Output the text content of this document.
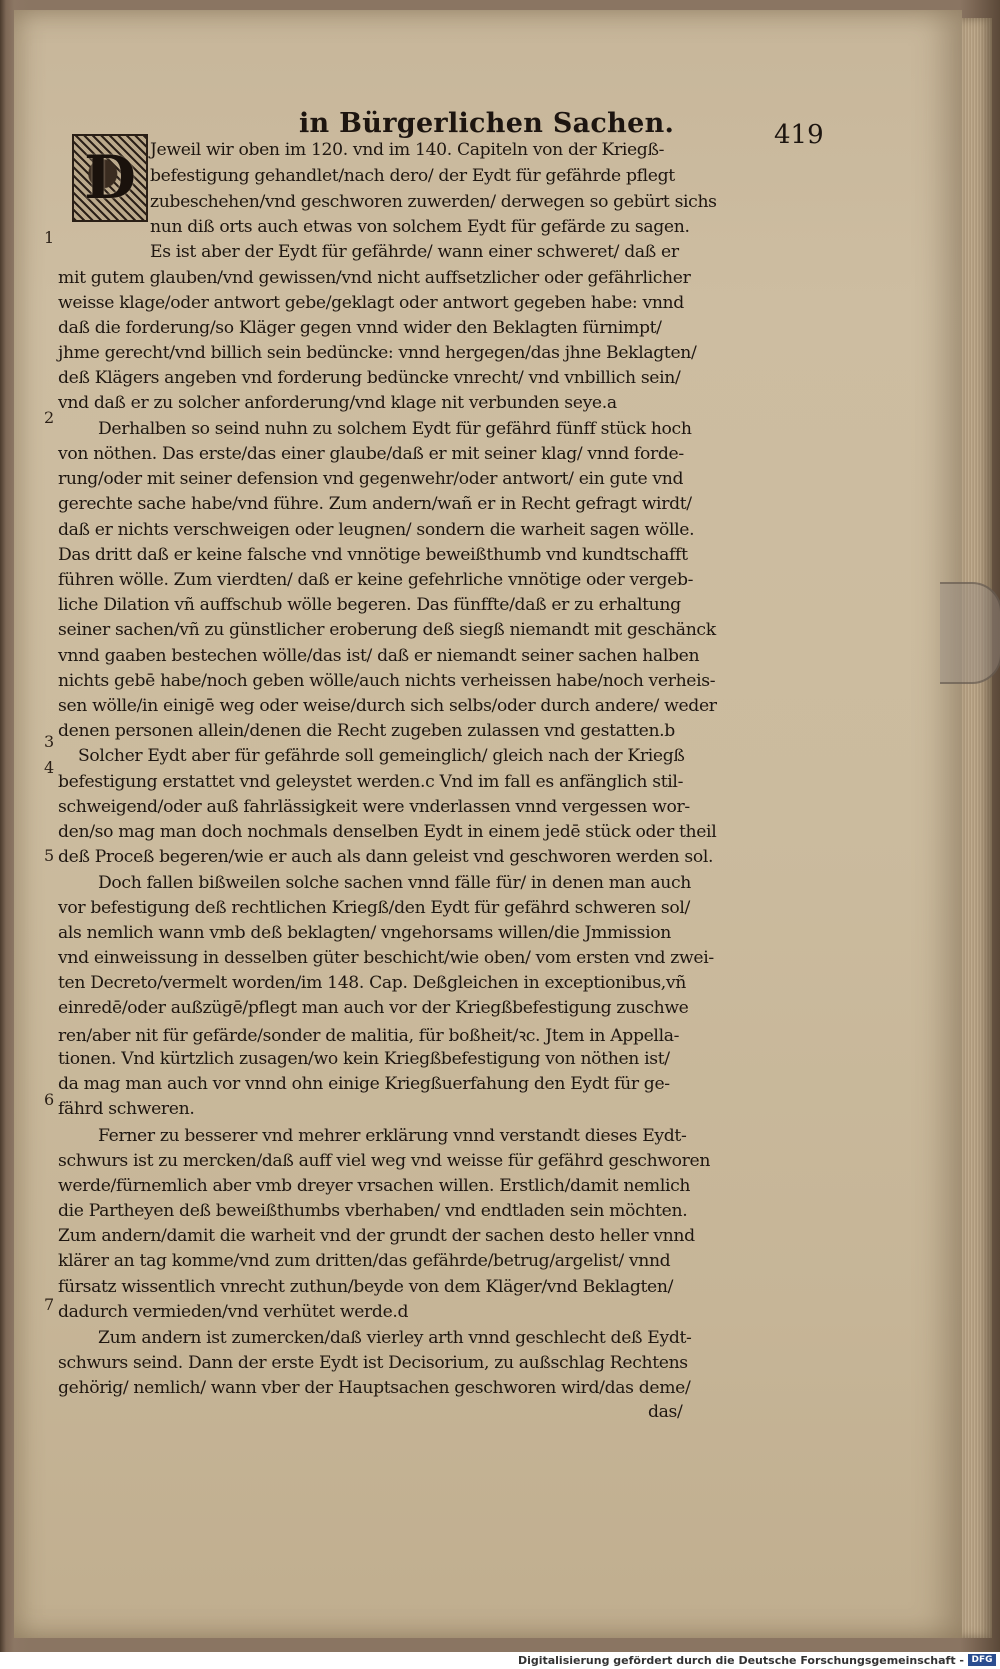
in Bürgerlichen Sachen.	419
D
1
2
3
4
5
6
7
Jeweil wir oben im 120. vnd im 140. Capiteln von der Kriegß‑
befestigung gehandlet/nach dero/ der Eydt für gefährde pflegt
zubeschehen/vnd geschworen zuwerden/ derwegen so gebürt sichs
nun diß orts auch etwas von solchem Eydt für gefärde zu sagen.
Es ist aber der Eydt für gefährde/ wann einer schweret/ daß er
mit gutem glauben/vnd gewissen/vnd nicht auffsetzlicher oder gefährlicher
weisse klage/oder antwort gebe/geklagt oder antwort gegeben habe: vnnd
daß die forderung/so Kläger gegen vnnd wider den Beklagten fürnimpt/
jhme gerecht/vnd billich sein bedüncke: vnnd hergegen/das jhne Beklagten/
deß Klägers angeben vnd forderung bedüncke vnrecht/ vnd vnbillich sein/
vnd daß er zu solcher anforderung/vnd klage nit verbunden seye.a
Derhalben so seind nuhn zu solchem Eydt für gefährd fünff stück hoch
von nöthen. Das erste/das einer glaube/daß er mit seiner klag/ vnnd forde‑
rung/oder mit seiner defension vnd gegenwehr/oder antwort/ ein gute vnd
gerechte sache habe/vnd führe. Zum andern/wañ er in Recht gefragt wirdt/
daß er nichts verschweigen oder leugnen/ sondern die warheit sagen wölle.
Das dritt daß er keine falsche vnd vnnötige beweißthumb vnd kundtschafft
führen wölle. Zum vierdten/ daß er keine gefehrliche vnnötige oder vergeb‑
liche Dilation vñ auffschub wölle begeren. Das fünffte/daß er zu erhaltung
seiner sachen/vñ zu günstlicher eroberung deß siegß niemandt mit geschänck
vnnd gaaben bestechen wölle/das ist/ daß er niemandt seiner sachen halben
nichts gebē habe/noch geben wölle/auch nichts verheissen habe/noch verheis‑
sen wölle/in einigē weg oder weise/durch sich selbs/oder durch andere/ weder
denen personen allein/denen die Recht zugeben zulassen vnd gestatten.b
Solcher Eydt aber für gefährde soll gemeinglich/ gleich nach der Kriegß
befestigung erstattet vnd geleystet werden.c Vnd im fall es anfänglich stil‑
schweigend/oder auß fahrlässigkeit were vnderlassen vnnd vergessen wor‑
den/so mag man doch nochmals denselben Eydt in einem jedē stück oder theil
deß Proceß begeren/wie er auch als dann geleist vnd geschworen werden sol.
Doch fallen bißweilen solche sachen vnnd fälle für/ in denen man auch
vor befestigung deß rechtlichen Kriegß/den Eydt für gefährd schweren sol/
als nemlich wann vmb deß beklagten/ vngehorsams willen/die Jmmission
vnd einweissung in desselben güter beschicht/wie oben/ vom ersten vnd zwei‑
ten Decreto/vermelt worden/im 148. Cap. Deßgleichen in exceptionibus,vñ
einredē/oder außzügē/pflegt man auch vor der Kriegßbefestigung zuschwe
ren/aber nit für gefärde/sonder de malitia, für boßheit/ꝛc. Jtem in Appella‑
tionen. Vnd kürtzlich zusagen/wo kein Kriegßbefestigung von nöthen ist/
da mag man auch vor vnnd ohn einige Kriegßuerfahung den Eydt für ge‑
fährd schweren.
Ferner zu besserer vnd mehrer erklärung vnnd verstandt dieses Eydt‑
schwurs ist zu mercken/daß auff viel weg vnd weisse für gefährd geschworen
werde/fürnemlich aber vmb dreyer vrsachen willen. Erstlich/damit nemlich
die Partheyen deß beweißthumbs vberhaben/ vnd endtladen sein möchten.
Zum andern/damit die warheit vnd der grundt der sachen desto heller vnnd
klärer an tag komme/vnd zum dritten/das gefährde/betrug/argelist/ vnnd
fürsatz wissentlich vnrecht zuthun/beyde von dem Kläger/vnd Beklagten/
dadurch vermieden/vnd verhütet werde.d
Zum andern ist zumercken/daß vierley arth vnnd geschlecht deß Eydt‑
schwurs seind. Dann der erste Eydt ist Decisorium, zu außschlag Rechtens
gehörig/ nemlich/ wann vber der Hauptsachen geschworen wird/das deme/
das/
Digitalisierung gefördert durch die Deutsche Forschungsgemeinschaft - DFG
